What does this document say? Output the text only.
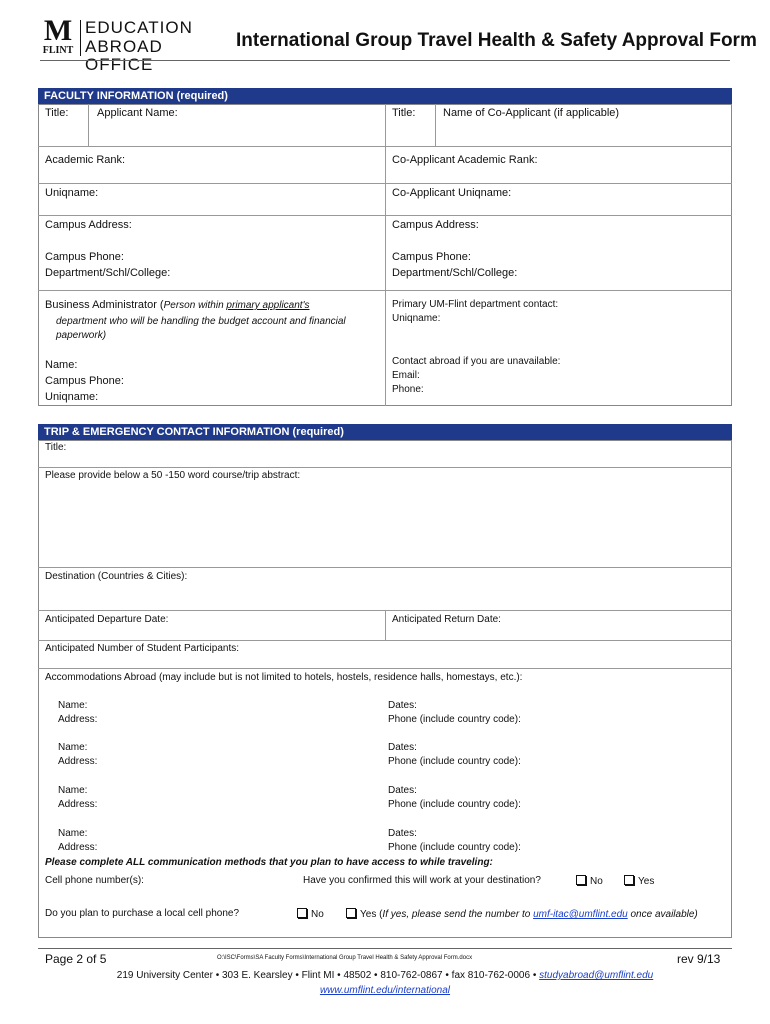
M
FLINT
EDUCATION
ABROAD OFFICE
International Group Travel Health & Safety Approval Form
FACULTY INFORMATION (required)
Title:	Applicant Name:	Title:	Name of Co-Applicant (if applicable)
Academic Rank:	Co-Applicant Academic Rank:
Uniqname:	Co-Applicant Uniqname:
Campus Address:	Campus Address:
Campus Phone:	Campus Phone:
Department/Schl/College:	Department/Schl/College:
Business Administrator (Person within primary applicant's
department who will be handling the budget account and financial
paperwork)
Name:
Campus Phone:
Uniqname:
Primary UM-Flint department contact:
Uniqname:
Contact abroad if you are unavailable:
Email:
Phone:
TRIP & EMERGENCY CONTACT INFORMATION (required)
Title:
Please provide below a 50 -150 word course/trip abstract:
Destination (Countries & Cities):
Anticipated Departure Date:	Anticipated Return Date:
Anticipated Number of Student Participants:
Accommodations Abroad (may include but is not limited to hotels, hostels, residence halls, homestays, etc.):
Name:
Address:
Dates:
Phone (include country code):
Name:
Address:
Dates:
Phone (include country code):
Name:
Address:
Dates:
Phone (include country code):
Name:
Address:
Dates:
Phone (include country code):
Please complete ALL communication methods that you plan to have access to while traveling:
Cell phone number(s):	Have you confirmed this will work at your destination?	No	Yes
Do you plan to purchase a local cell phone?	No	Yes (If yes, please send the number to umf-itac@umflint.edu once available)
Page 2 of 5	O:\ISC\Forms\SA Faculty Forms\International Group Travel Health & Safety Approval Form.docx	rev 9/13
219 University Center • 303 E. Kearsley • Flint MI • 48502 • 810-762-0867 • fax 810-762-0006 • studyabroad@umflint.edu
www.umflint.edu/international
